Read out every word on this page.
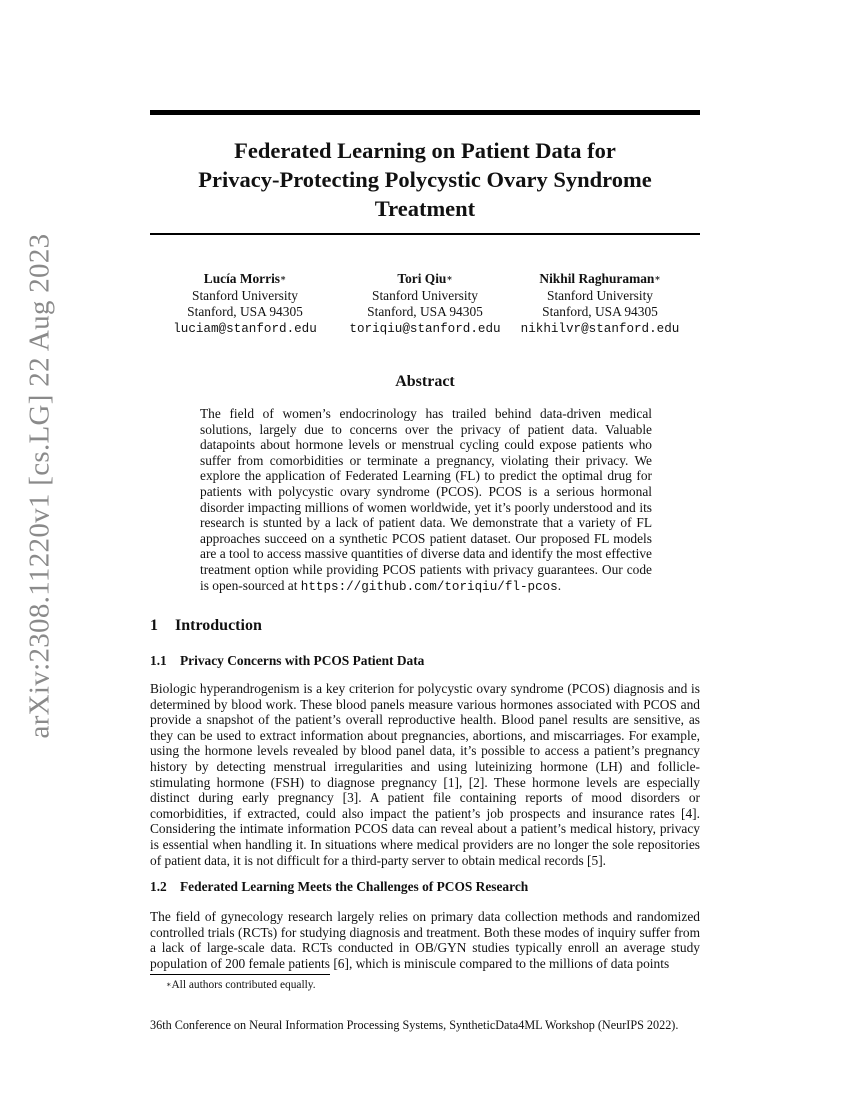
arXiv:2308.11220v1 [cs.LG] 22 Aug 2023
Federated Learning on Patient Data for
Privacy-Protecting Polycystic Ovary Syndrome
Treatment
Lucía Morris∗
Stanford University
Stanford, USA 94305
luciam@stanford.edu
Tori Qiu∗
Stanford University
Stanford, USA 94305
toriqiu@stanford.edu
Nikhil Raghuraman∗
Stanford University
Stanford, USA 94305
nikhilvr@stanford.edu
Abstract
The field of women’s endocrinology has trailed behind data-driven medical solutions, largely due to concerns over the privacy of patient data. Valuable datapoints about hormone levels or menstrual cycling could expose patients who suffer from comorbidities or terminate a pregnancy, violating their privacy. We explore the application of Federated Learning (FL) to predict the optimal drug for patients with polycystic ovary syndrome (PCOS). PCOS is a serious hormonal disorder impacting millions of women worldwide, yet it’s poorly understood and its research is stunted by a lack of patient data. We demonstrate that a variety of FL approaches succeed on a synthetic PCOS patient dataset. Our proposed FL models are a tool to access massive quantities of diverse data and identify the most effective treatment option while providing PCOS patients with privacy guarantees. Our code is open-sourced at https://github.com/toriqiu/fl-pcos.
1 Introduction
1.1 Privacy Concerns with PCOS Patient Data
Biologic hyperandrogenism is a key criterion for polycystic ovary syndrome (PCOS) diagnosis and is determined by blood work. These blood panels measure various hormones associated with PCOS and provide a snapshot of the patient’s overall reproductive health. Blood panel results are sensitive, as they can be used to extract information about pregnancies, abortions, and miscarriages. For example, using the hormone levels revealed by blood panel data, it’s possible to access a patient’s pregnancy history by detecting menstrual irregularities and using luteinizing hormone (LH) and follicle-stimulating hormone (FSH) to diagnose pregnancy [1], [2]. These hormone levels are especially distinct during early pregnancy [3]. A patient file containing reports of mood disorders or comorbidities, if extracted, could also impact the patient’s job prospects and insurance rates [4]. Considering the intimate information PCOS data can reveal about a patient’s medical history, privacy is essential when handling it. In situations where medical providers are no longer the sole repositories of patient data, it is not difficult for a third-party server to obtain medical records [5].
1.2 Federated Learning Meets the Challenges of PCOS Research
The field of gynecology research largely relies on primary data collection methods and randomized controlled trials (RCTs) for studying diagnosis and treatment. Both these modes of inquiry suffer from a lack of large-scale data. RCTs conducted in OB/GYN studies typically enroll an average study population of 200 female patients [6], which is miniscule compared to the millions of data points
∗All authors contributed equally.
36th Conference on Neural Information Processing Systems, SyntheticData4ML Workshop (NeurIPS 2022).
